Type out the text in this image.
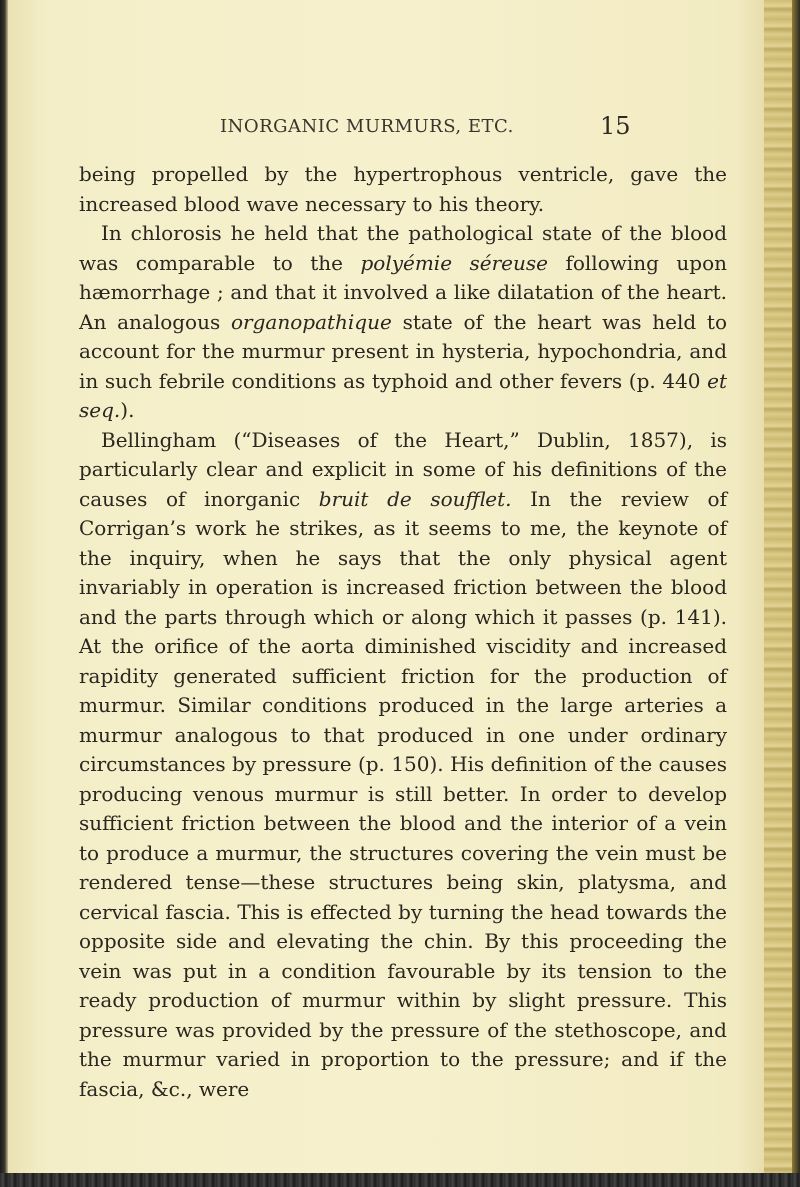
INORGANIC MURMURS, ETC.	15

being propelled by the hypertrophous ventricle, gave the increased blood wave necessary to his theory.

In chlorosis he held that the pathological state of the blood was comparable to the polyémie séreuse following upon hæmorrhage ; and that it involved a like dilatation of the heart. An analogous organopathique state of the heart was held to account for the murmur present in hysteria, hypochondria, and in such febrile conditions as typhoid and other fevers (p. 440 et seq.).

Bellingham (“Diseases of the Heart,” Dublin, 1857), is particularly clear and explicit in some of his definitions of the causes of inorganic bruit de soufflet. In the review of Corrigan’s work he strikes, as it seems to me, the keynote of the inquiry, when he says that the only physical agent invariably in operation is increased friction between the blood and the parts through which or along which it passes (p. 141). At the orifice of the aorta diminished viscidity and increased rapidity generated sufficient friction for the production of murmur. Similar conditions produced in the large arteries a murmur analogous to that produced in one under ordinary circumstances by pressure (p. 150). His definition of the causes producing venous murmur is still better. In order to develop sufficient friction between the blood and the interior of a vein to produce a murmur, the structures covering the vein must be rendered tense—these structures being skin, platysma, and cervical fascia. This is effected by turning the head towards the opposite side and elevating the chin. By this proceeding the vein was put in a condition favourable by its tension to the ready production of murmur within by slight pressure. This pressure was provided by the pressure of the stethoscope, and the murmur varied in proportion to the pressure; and if the fascia, &c., were
